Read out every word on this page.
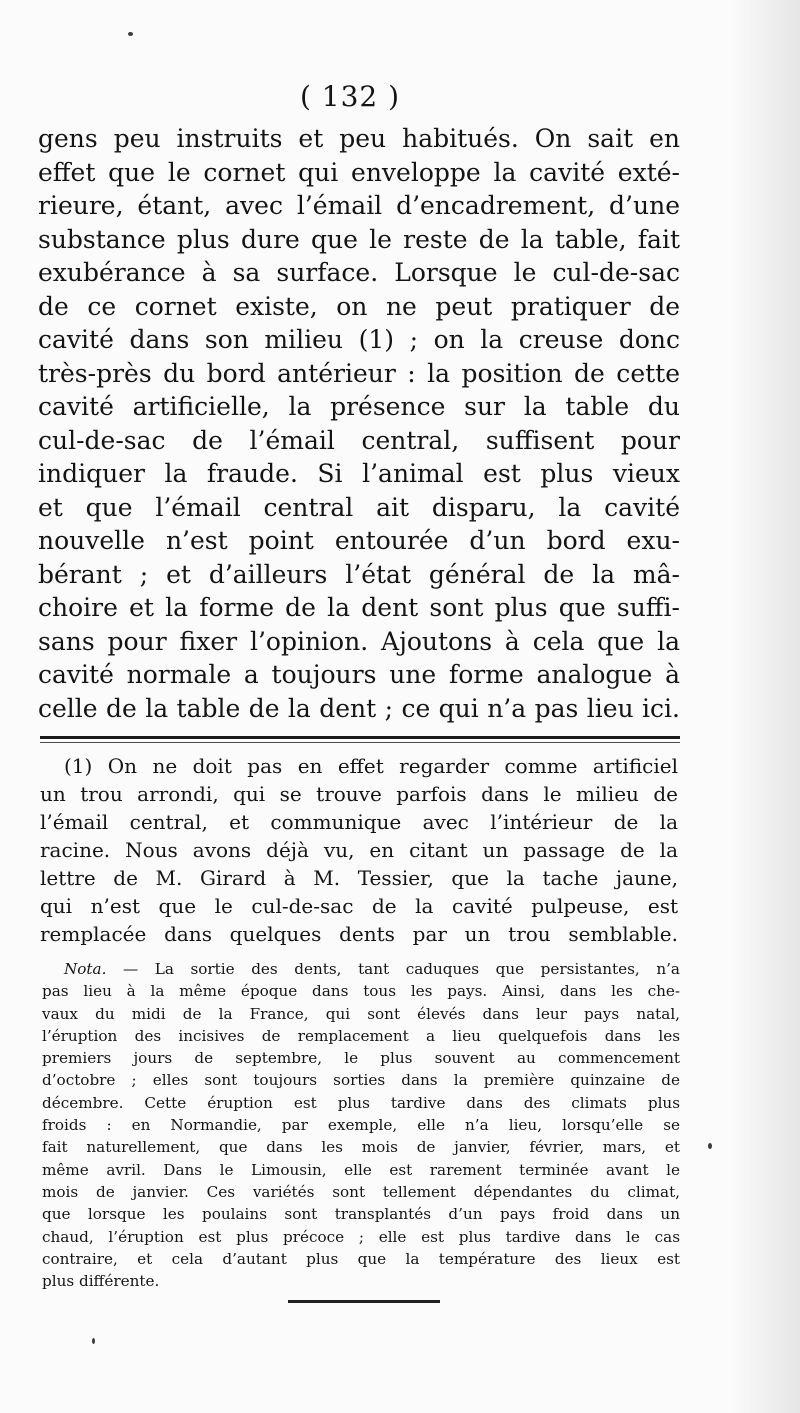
( 132 )
gens peu instruits et peu habitués. On sait en
effet que le cornet qui enveloppe la cavité exté-
rieure, étant, avec l’émail d’encadrement, d’une
substance plus dure que le reste de la table, fait
exubérance à sa surface. Lorsque le cul-de-sac
de ce cornet existe, on ne peut pratiquer de
cavité dans son milieu (1) ; on la creuse donc
très-près du bord antérieur : la position de cette
cavité artificielle, la présence sur la table du
cul-de-sac de l’émail central, suffisent pour
indiquer la fraude. Si l’animal est plus vieux
et que l’émail central ait disparu, la cavité
nouvelle n’est point entourée d’un bord exu-
bérant ; et d’ailleurs l’état général de la mâ-
choire et la forme de la dent sont plus que suffi-
sans pour fixer l’opinion. Ajoutons à cela que la
cavité normale a toujours une forme analogue à
celle de la table de la dent ; ce qui n’a pas lieu ici.
(1) On ne doit pas en effet regarder comme artificiel
un trou arrondi, qui se trouve parfois dans le milieu de
l’émail central, et communique avec l’intérieur de la
racine. Nous avons déjà vu, en citant un passage de la
lettre de M. Girard à M. Tessier, que la tache jaune,
qui n’est que le cul-de-sac de la cavité pulpeuse, est
remplacée dans quelques dents par un trou semblable.
Nota. — La sortie des dents, tant caduques que persistantes, n’a
pas lieu à la même époque dans tous les pays. Ainsi, dans les che-
vaux du midi de la France, qui sont élevés dans leur pays natal,
l’éruption des incisives de remplacement a lieu quelquefois dans les
premiers jours de septembre, le plus souvent au commencement
d’octobre ; elles sont toujours sorties dans la première quinzaine de
décembre. Cette éruption est plus tardive dans des climats plus
froids : en Normandie, par exemple, elle n’a lieu, lorsqu’elle se
fait naturellement, que dans les mois de janvier, février, mars, et
même avril. Dans le Limousin, elle est rarement terminée avant le
mois de janvier. Ces variétés sont tellement dépendantes du climat,
que lorsque les poulains sont transplantés d’un pays froid dans un
chaud, l’éruption est plus précoce ; elle est plus tardive dans le cas
contraire, et cela d’autant plus que la température des lieux est
plus différente.
